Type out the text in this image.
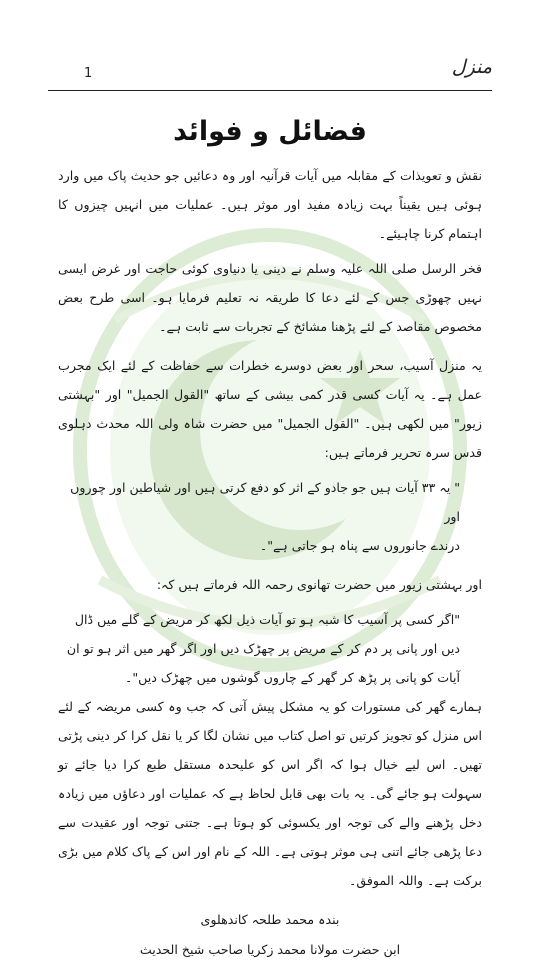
منزل
1
فضائل و فوائد

نقش و تعویذات کے مقابلہ میں آیات قرآنیہ اور وہ دعائیں جو حدیث پاک میں وارد ہوئی ہیں یقیناً بہت زیادہ مفید اور موثر ہیں۔ عملیات میں انہیں چیزوں کا اہتمام کرنا چاہیئے۔

فخر الرسل صلی اللہ علیہ وسلم نے دینی یا دنیاوی کوئی حاجت اور غرض ایسی نہیں چھوڑی جس کے لئے دعا کا طریقہ نہ تعلیم فرمایا ہو۔ اسی طرح بعض مخصوص مقاصد کے لئے پڑھنا مشائخ کے تجربات سے ثابت ہے۔

یہ منزل آسیب، سحر اور بعض دوسرے خطرات سے حفاظت کے لئے ایک مجرب عمل ہے۔ یہ آیات کسی قدر کمی بیشی کے ساتھ "القول الجمیل" اور "بہشتی زیور" میں لکھی ہیں۔ "القول الجمیل" میں حضرت شاہ ولی اللہ محدث دہلوی قدس سرہ تحریر فرماتے ہیں:

" یہ ۳۳ آیات ہیں جو جادو کے اثر کو دفع کرتی ہیں اور شیاطین اور چوروں اور
درندے جانوروں سے پناہ ہو جاتی ہے"۔

اور بہشتی زیور میں حضرت تھانوی رحمہ اللہ فرماتے ہیں کہ:

"اگر کسی پر آسیب کا شبہ ہو تو آیات ذیل لکھ کر مریض کے گلے میں ڈال
دیں اور پانی پر دم کر کے مریض پر چھڑک دیں اور اگر گھر میں اثر ہو تو ان
آیات کو پانی پر پڑھ کر گھر کے چاروں گوشوں میں چھڑک دیں"۔

ہمارے گھر کی مستورات کو یہ مشکل پیش آتی کہ جب وہ کسی مریضہ کے لئے اس منزل کو تجویز کرتیں تو اصل کتاب میں نشان لگا کر یا نقل کرا کر دینی پڑتی تھیں۔ اس لیے خیال ہوا کہ اگر اس کو علیحدہ مستقل طبع کرا دیا جائے تو سہولت ہو جائے گی۔ یہ بات بھی قابل لحاظ ہے کہ عملیات اور دعاؤں میں زیادہ دخل پڑھنے والے کی توجہ اور یکسوئی کو ہوتا ہے۔ جتنی توجہ اور عقیدت سے دعا پڑھی جائے اتنی ہی موثر ہوتی ہے۔ اللہ کے نام اور اس کے پاک کلام میں بڑی برکت ہے۔ واللہ الموفق۔

بندہ محمد طلحہ کاندھلوی
ابن حضرت مولانا محمد زکریا صاحب شیخ الحدیث
